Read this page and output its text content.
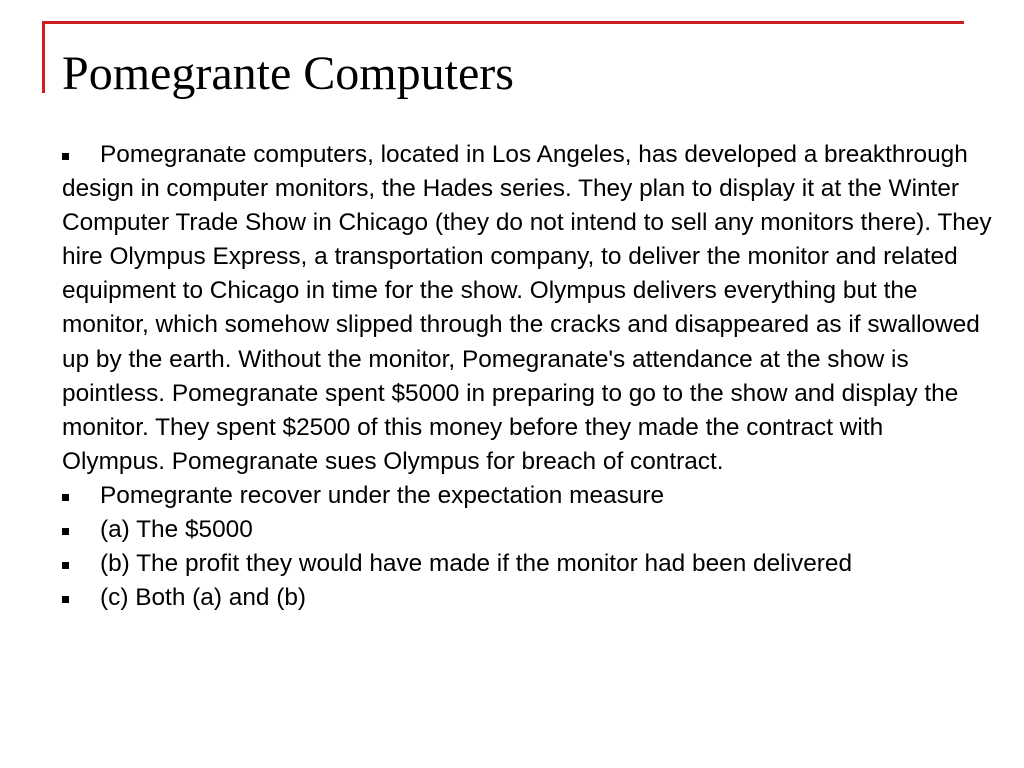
Pomegrante Computers
Pomegranate computers, located in Los Angeles, has developed a breakthrough design in computer monitors, the Hades series. They plan to display it at the Winter Computer Trade Show in Chicago (they do not intend to sell any monitors there). They hire Olympus Express, a transportation company, to deliver the monitor and related equipment to Chicago in time for the show. Olympus delivers everything but the monitor, which somehow slipped through the cracks and disappeared as if swallowed up by the earth. Without the monitor, Pomegranate's attendance at the show is pointless. Pomegranate spent $5000 in preparing to go to the show and display the monitor. They spent $2500 of this money before they made the contract with Olympus. Pomegranate sues Olympus for breach of contract.
Pomegrante recover under the expectation measure
(a) The $5000
(b) The profit they would have made if the monitor had been delivered
(c) Both (a) and (b)
